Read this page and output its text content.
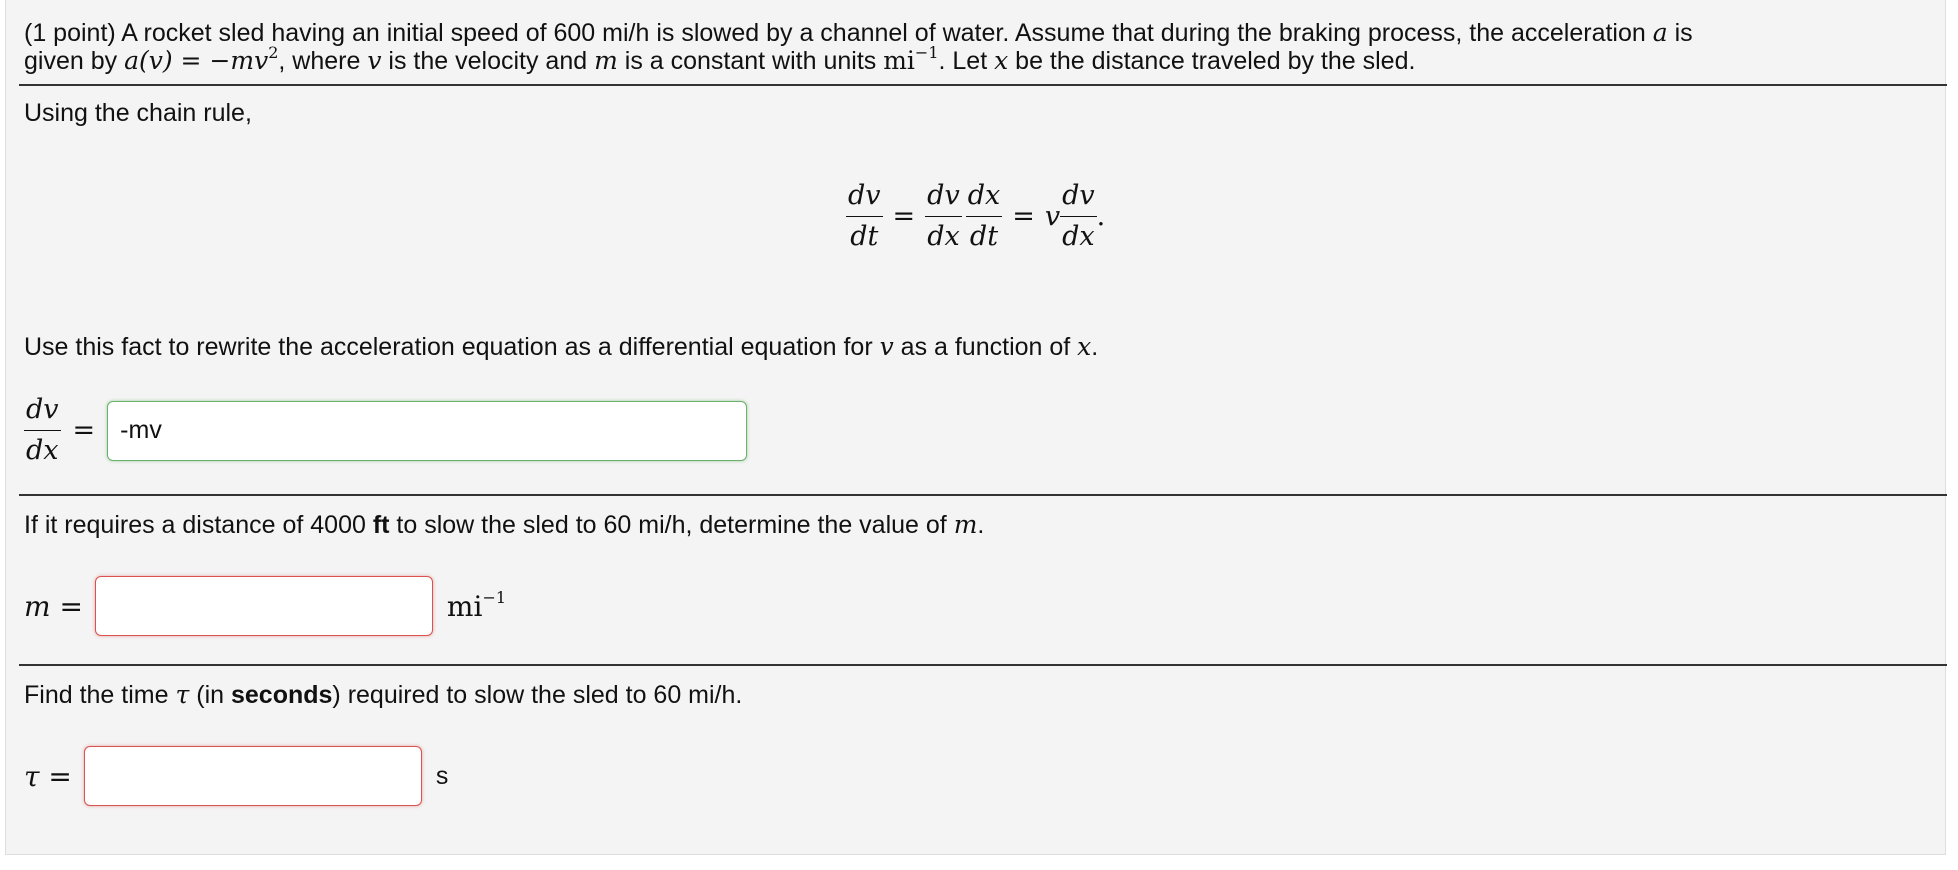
(1 point) A rocket sled having an initial speed of 600 mi/h is slowed by a channel of water. Assume that during the braking process, the acceleration a is
given by $a(v) = -mv^2$, where v is the velocity and m is a constant with units $mi^{-1}$. Let x be the distance traveled by the sled.
Using the chain rule,
$\frac{dv}{dt} = \frac{dv}{dx} \frac{dx}{dt} = v \frac{dv}{dx}$ .
Use this fact to rewrite the acceleration equation as a differential equation for v as a function of x.
$\frac{dv}{dx}$ =	-mv
If it requires a distance of 4000 ft to slow the sled to 60 mi/h, determine the value of m.
m =	$mi^{-1}$
Find the time τ (in seconds) required to slow the sled to 60 mi/h.
τ =	s
